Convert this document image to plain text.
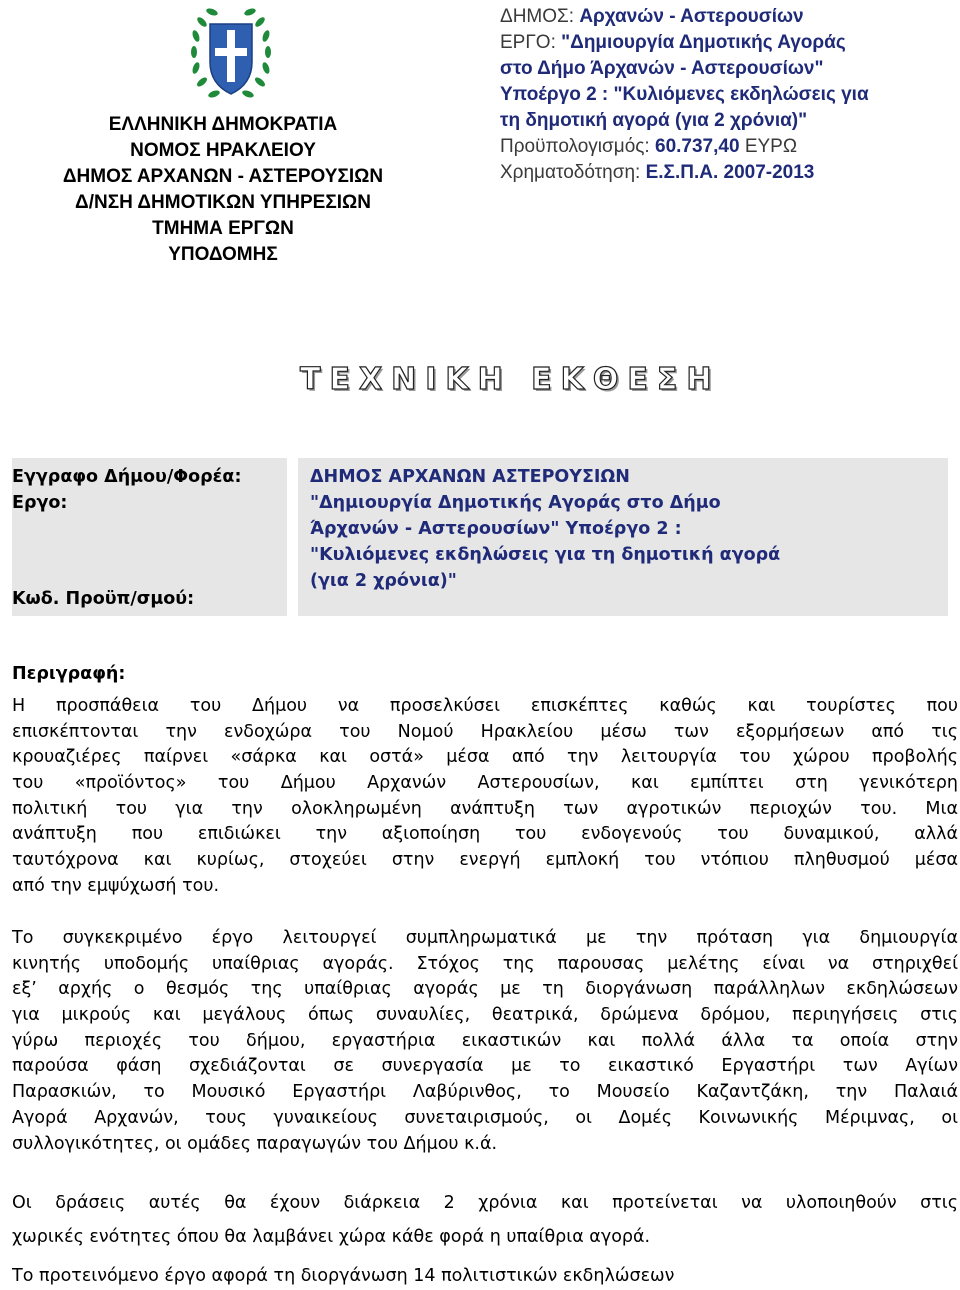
ΕΛΛΗΝΙΚΗ ΔΗΜΟΚΡΑΤΙΑ
ΝΟΜΟΣ ΗΡΑΚΛΕΙΟΥ
ΔΗΜΟΣ ΑΡΧΑΝΩΝ - ΑΣΤΕΡΟΥΣΙΩΝ
Δ/ΝΣΗ ΔΗΜΟΤΙΚΩΝ ΥΠΗΡΕΣΙΩΝ
ΤΜΗΜΑ ΕΡΓΩΝ
ΥΠΟΔΟΜΗΣ
ΔΗΜΟΣ: Αρχανών - Αστερουσίων
ΕΡΓΟ: "Δημιουργία Δημοτικής Αγοράς
στο Δήμο Άρχανών - Αστερουσίων"
Υποέργο 2 : "Κυλιόμενες εκδηλώσεις για
τη δημοτική αγορά (για 2 χρόνια)"
Προϋπολογισμός: 60.737,40 ΕΥΡΩ
Χρηματοδότηση: Ε.Σ.Π.Α. 2007-2013
ΤΕΧΝΙΚΗ ΕΚΘΕΣΗ
Εγγραφο Δήμου/Φορέα:
Εργο:
Κωδ. Προϋπ/σμού:
ΔΗΜΟΣ ΑΡΧΑΝΩΝ ΑΣΤΕΡΟΥΣΙΩΝ
"Δημιουργία Δημοτικής Αγοράς στο Δήμο
Άρχανών - Αστερουσίων" Υποέργο 2 :
"Κυλιόμενες εκδηλώσεις για τη δημοτική αγορά
(για 2 χρόνια)"
Περιγραφή:
Η προσπάθεια του Δήμου να προσελκύσει επισκέπτες καθώς και τουρίστες που
επισκέπτονται την ενδοχώρα του Νομού Ηρακλείου μέσω των εξορμήσεων από τις
κρουαζιέρες παίρνει «σάρκα και οστά» μέσα από την λειτουργία του χώρου προβολής
του «προϊόντος» του Δήμου Αρχανών Αστερουσίων, και εμπίπτει στη γενικότερη
πολιτική του για την ολοκληρωμένη ανάπτυξη των αγροτικών περιοχών του. Μια
ανάπτυξη που επιδιώκει την αξιοποίηση του ενδογενούς του δυναμικού, αλλά
ταυτόχρονα και κυρίως, στοχεύει στην ενεργή εμπλοκή του ντόπιου πληθυσμού μέσα
από την εμψύχωσή του.
Το συγκεκριμένο έργο λειτουργεί συμπληρωματικά με την πρόταση για δημιουργία
κινητής υποδομής υπαίθριας αγοράς. Στόχος της παρουσας μελέτης είναι να στηριχθεί
εξ’ αρχής ο θεσμός της υπαίθριας αγοράς με τη διοργάνωση παράλληλων εκδηλώσεων
για μικρούς και μεγάλους όπως συναυλίες, θεατρικά, δρώμενα δρόμου, περιηγήσεις στις
γύρω περιοχές του δήμου, εργαστήρια εικαστικών και πολλά άλλα τα οποία στην
παρούσα φάση σχεδιάζονται σε συνεργασία με το εικαστικό Εργαστήρι των Αγίων
Παρασκιών, το Μουσικό Εργαστήρι Λαβύρινθος, το Μουσείο Καζαντζάκη, την Παλαιά
Αγορά Αρχανών, τους γυναικείους συνεταιρισμούς, οι Δομές Κοινωνικής Μέριμνας, οι
συλλογικότητες, οι ομάδες παραγωγών του Δήμου κ.ά.
Οι δράσεις αυτές θα έχουν διάρκεια 2 χρόνια και προτείνεται να υλοποιηθούν στις
χωρικές ενότητες όπου θα λαμβάνει χώρα κάθε φορά η υπαίθρια αγορά.
Το προτεινόμενο έργο αφορά τη διοργάνωση 14 πολιτιστικών εκδηλώσεων
